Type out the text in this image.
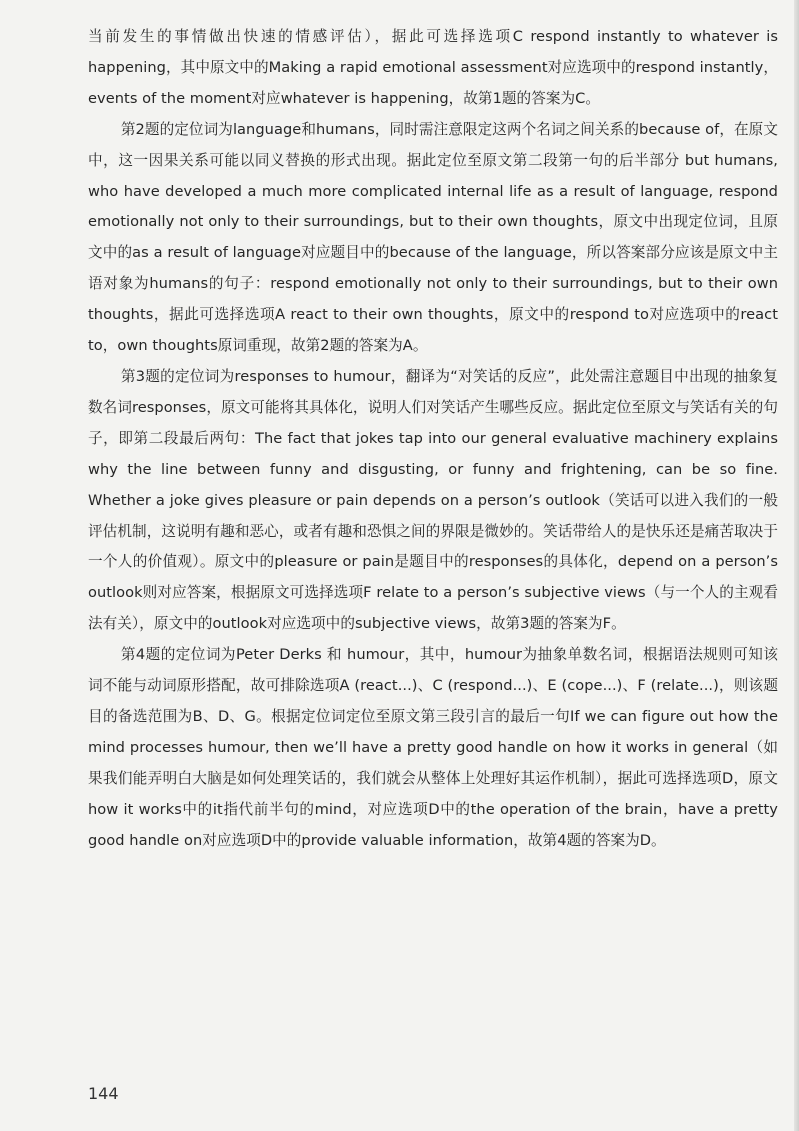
当前发生的事情做出快速的情感评估），据此可选择选项C respond instantly to whatever is happening，其中原文中的Making a rapid emotional assessment对应选项中的respond instantly，events of the moment对应whatever is happening，故第1题的答案为C。

第2题的定位词为language和humans，同时需注意限定这两个名词之间关系的because of，在原文中，这一因果关系可能以同义替换的形式出现。据此定位至原文第二段第一句的后半部分 but humans, who have developed a much more complicated internal life as a result of language, respond emotionally not only to their surroundings, but to their own thoughts，原文中出现定位词，且原文中的as a result of language对应题目中的because of the language，所以答案部分应该是原文中主语对象为humans的句子：respond emotionally not only to their surroundings, but to their own thoughts，据此可选择选项A react to their own thoughts，原文中的respond to对应选项中的react to，own thoughts原词重现，故第2题的答案为A。

第3题的定位词为responses to humour，翻译为“对笑话的反应”，此处需注意题目中出现的抽象复数名词responses，原文可能将其具体化，说明人们对笑话产生哪些反应。据此定位至原文与笑话有关的句子，即第二段最后两句：The fact that jokes tap into our general evaluative machinery explains why the line between funny and disgusting, or funny and frightening, can be so fine. Whether a joke gives pleasure or pain depends on a person’s outlook（笑话可以进入我们的一般评估机制，这说明有趣和恶心，或者有趣和恐惧之间的界限是微妙的。笑话带给人的是快乐还是痛苦取决于一个人的价值观）。原文中的pleasure or pain是题目中的responses的具体化，depend on a person’s outlook则对应答案，根据原文可选择选项F relate to a person’s subjective views（与一个人的主观看法有关），原文中的outlook对应选项中的subjective views，故第3题的答案为F。

第4题的定位词为Peter Derks 和 humour，其中，humour为抽象单数名词，根据语法规则可知该词不能与动词原形搭配，故可排除选项A (react...)、C (respond...)、E (cope...)、F (relate...)，则该题目的备选范围为B、D、G。根据定位词定位至原文第三段引言的最后一句If we can figure out how the mind processes humour, then we’ll have a pretty good handle on how it works in general（如果我们能弄明白大脑是如何处理笑话的，我们就会从整体上处理好其运作机制），据此可选择选项D，原文how it works中的it指代前半句的mind，对应选项D中的the operation of the brain，have a pretty good handle on对应选项D中的provide valuable information，故第4题的答案为D。

144
